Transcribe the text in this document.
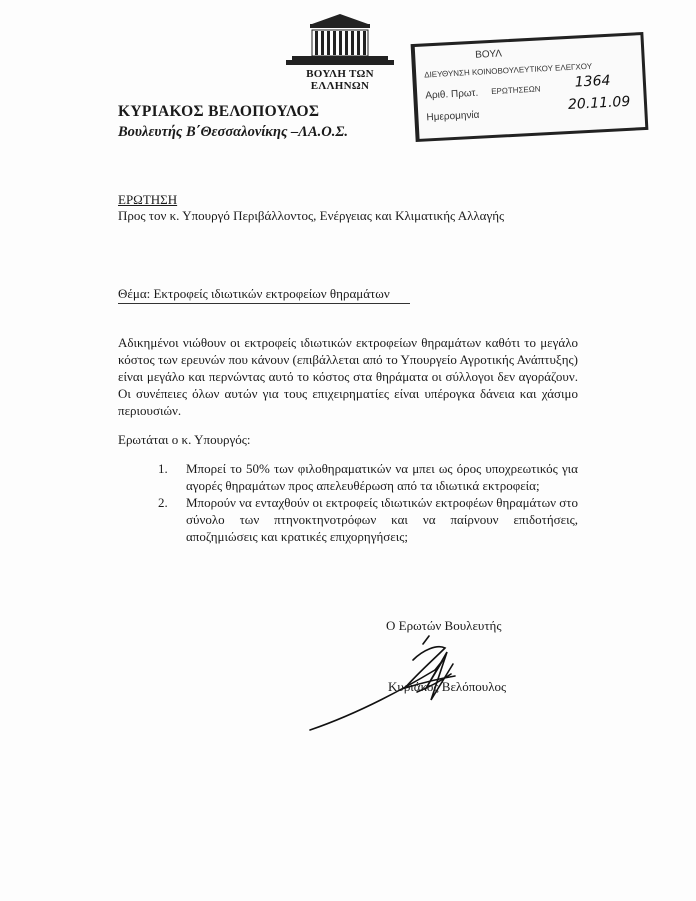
ΒΟΥΛΗ ΤΩΝ ΕΛΛΗΝΩΝ
ΒΟΥΛ
ΔΙΕΥΘΥΝΣΗ ΚΟΙΝΟΒΟΥΛΕΥΤΙΚΟΥ ΕΛΕΓΧΟΥ
Αριθ. Πρωτ. ΕΡΩΤΗΣΕΩΝ 1364
Ημερομηνία
20.11.09
ΚΥΡΙΑΚΟΣ ΒΕΛΟΠΟΥΛΟΣ
Βουλευτής Β΄Θεσσαλονίκης –ΛΑ.Ο.Σ.
ΕΡΩΤΗΣΗ
Προς τον κ. Υπουργό Περιβάλλοντος, Ενέργειας και Κλιματικής Αλλαγής
Θέμα: Εκτροφείς ιδιωτικών εκτροφείων θηραμάτων
Αδικημένοι νιώθουν οι εκτροφείς ιδιωτικών εκτροφείων θηραμάτων καθότι το μεγάλο κόστος των ερευνών που κάνουν (επιβάλλεται από το Υπουργείο Αγροτικής Ανάπτυξης) είναι μεγάλο και περνώντας αυτό το κόστος στα θηράματα οι σύλλογοι δεν αγοράζουν. Οι συνέπειες όλων αυτών για τους επιχειρηματίες είναι υπέρογκα δάνεια και χάσιμο περιουσιών.
Ερωτάται ο κ. Υπουργός:
1. Μπορεί το 50% των φιλοθηραματικών να μπει ως όρος υποχρεωτικός για αγορές θηραμάτων προς απελευθέρωση από τα ιδιωτικά εκτροφεία;
2. Μπορούν να ενταχθούν οι εκτροφείς ιδιωτικών εκτροφέων θηραμάτων στο σύνολο των πτηνοκτηνοτρόφων και να παίρνουν επιδοτήσεις, αποζημιώσεις και κρατικές επιχορηγήσεις;
Ο Ερωτών Βουλευτής
Κυριάκος Βελόπουλος
